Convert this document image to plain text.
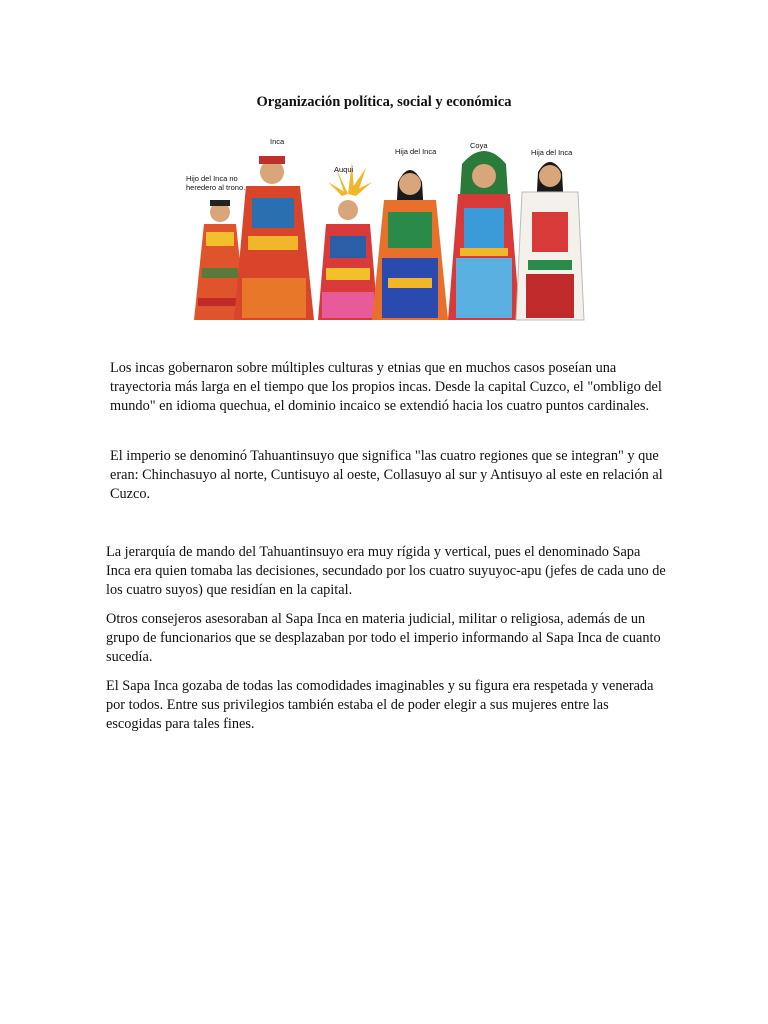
Organización política, social y económica
Hijo del Inca no heredero al trono.
Inca
Auqui
Hija del Inca
Coya
Hija del Inca

Los incas gobernaron sobre múltiples culturas y etnias que en muchos casos poseían una trayectoria más larga en el tiempo que los propios incas. Desde la capital Cuzco, el "ombligo del mundo" en idioma quechua, el dominio incaico se extendió hacia los cuatro puntos cardinales.

El imperio se denominó Tahuantinsuyo que significa "las cuatro regiones que se integran" y que eran: Chinchasuyo al norte, Cuntisuyo al oeste, Collasuyo al sur y Antisuyo al este en relación al Cuzco.

La jerarquía de mando del Tahuantinsuyo era muy rígida y vertical, pues el denominado Sapa Inca era quien tomaba las decisiones, secundado por los cuatro suyuyoc-apu (jefes de cada uno de los cuatro suyos) que residían en la capital.

Otros consejeros asesoraban al Sapa Inca en materia judicial, militar o religiosa, además de un grupo de funcionarios que se desplazaban por todo el imperio informando al Sapa Inca de cuanto sucedía.

El Sapa Inca gozaba de todas las comodidades imaginables y su figura era respetada y venerada por todos. Entre sus privilegios también estaba el de poder elegir a sus mujeres entre las escogidas para tales fines.
